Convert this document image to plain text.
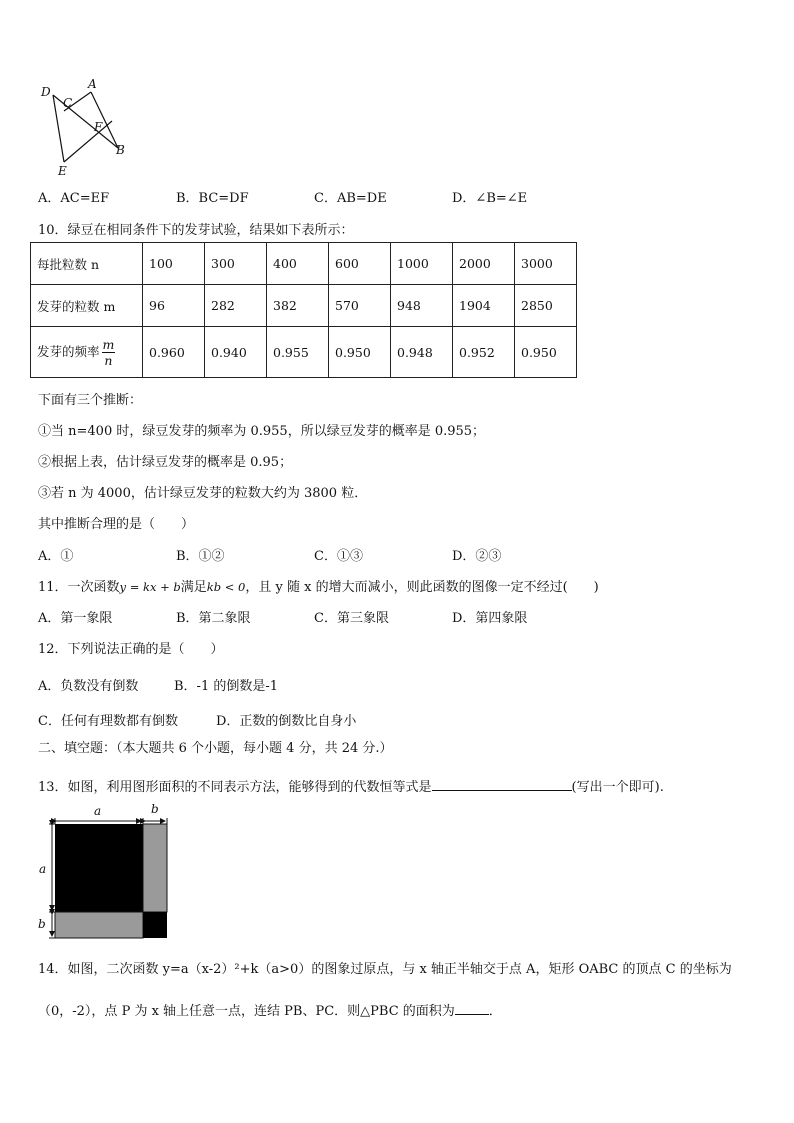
D
C
A
F
B
E
A．AC=EF	B．BC=DF	C．AB=DE	D．∠B=∠E
10．绿豆在相同条件下的发芽试验，结果如下表所示：
每批粒数 n	100	300	400	600	1000	2000	3000
发芽的粒数 m	96	282	382	570	948	1904	2850
发芽的频率 $\frac{m}{n}$	0.960	0.940	0.955	0.950	0.948	0.952	0.950
下面有三个推断：
①当 n=400 时，绿豆发芽的频率为 0.955，所以绿豆发芽的概率是 0.955；
②根据上表，估计绿豆发芽的概率是 0.95；
③若 n 为 4000，估计绿豆发芽的粒数大约为 3800 粒．
其中推断合理的是（　　）
A．①	B．①②	C．①③	D．②③
11．一次函数y = kx + b满足kb < 0，且 y 随 x 的增大而减小，则此函数的图像一定不经过(　　)
A．第一象限	B．第二象限	C．第三象限	D．第四象限
12．下列说法正确的是（　　）
A．负数没有倒数	B．-1 的倒数是-1
C．任何有理数都有倒数	D．正数的倒数比自身小
二、填空题：（本大题共 6 个小题，每小题 4 分，共 24 分.）
13．如图，利用图形面积的不同表示方法，能够得到的代数恒等式是	(写出一个即可).
a	b
a
b
14．如图，二次函数 y=a（x-2）²+k（a>0）的图象过原点，与 x 轴正半轴交于点 A，矩形 OABC 的顶点 C 的坐标为
（0，-2），点 P 为 x 轴上任意一点，连结 PB、PC．则△PBC 的面积为	．
